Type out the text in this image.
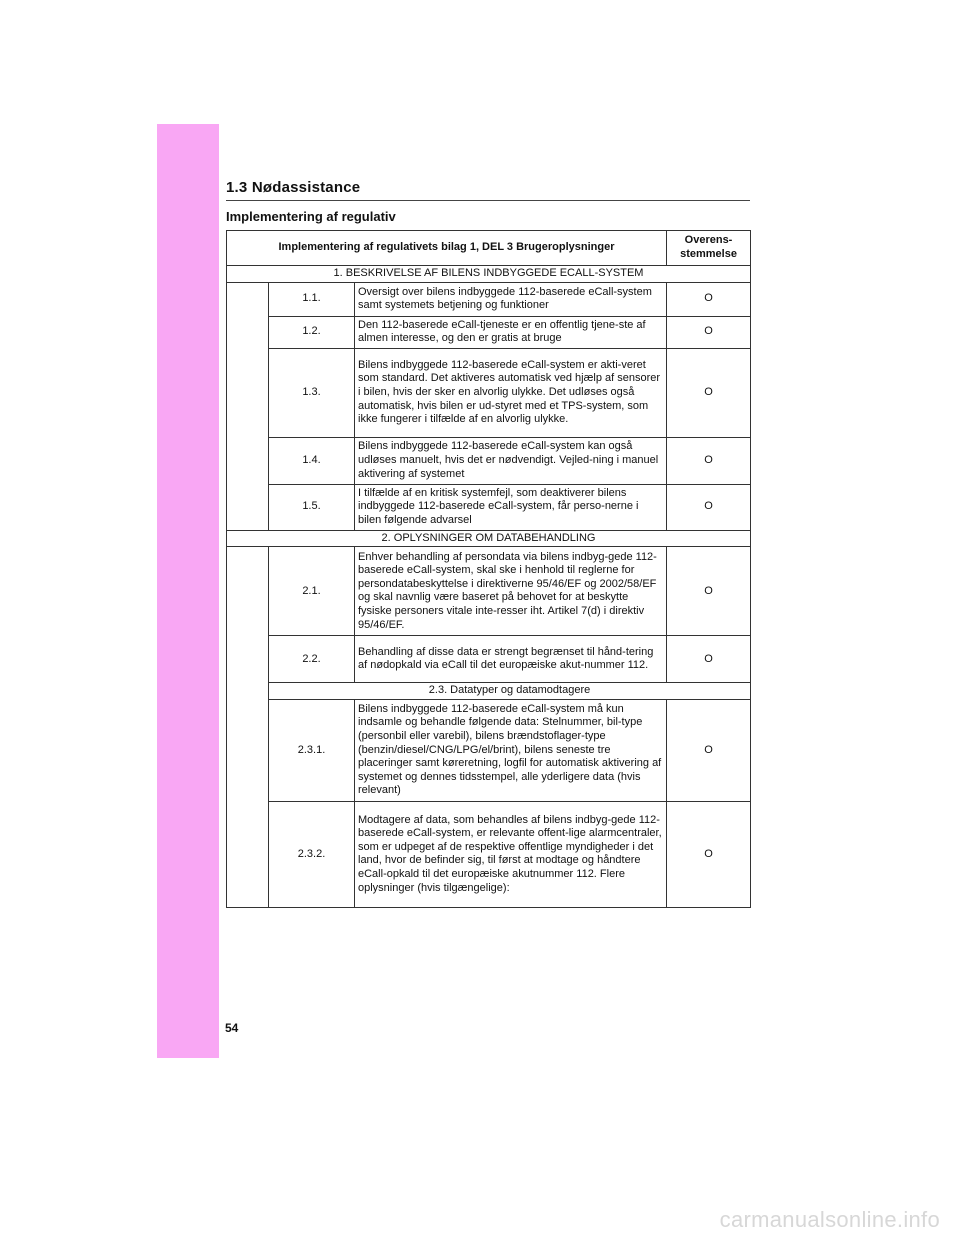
1.3 Nødassistance
Implementering af regulativ
Implementering af regulativets bilag 1, DEL 3 Brugeroplysninger			Overens-
stemmelse
1. BESKRIVELSE AF BILENS INDBYGGEDE ECALL-SYSTEM			
	1.1.	Oversigt over bilens indbyggede 112-baserede eCall-system samt systemets betjening og funktioner	O
	1.2.	Den 112-baserede eCall-tjeneste er en offentlig tjene-ste af almen interesse, og den er gratis at bruge	O
	1.3.	Bilens indbyggede 112-baserede eCall-system er akti-veret som standard. Det aktiveres automatisk ved hjælp af sensorer i bilen, hvis der sker en alvorlig ulykke. Det udløses også automatisk, hvis bilen er ud-styret med et TPS-system, som ikke fungerer i tilfælde af en alvorlig ulykke.	O
	1.4.	Bilens indbyggede 112-baserede eCall-system kan også udløses manuelt, hvis det er nødvendigt. Vejled-ning i manuel aktivering af systemet	O
	1.5.	I tilfælde af en kritisk systemfejl, som deaktiverer bilens indbyggede 112-baserede eCall-system, får perso-nerne i bilen følgende advarsel	O
2. OPLYSNINGER OM DATABEHANDLING			
	2.1.	Enhver behandling af persondata via bilens indbyg-gede 112-baserede eCall-system, skal ske i henhold til reglerne for persondatabeskyttelse i direktiverne 95/46/EF og 2002/58/EF og skal navnlig være baseret på behovet for at beskytte fysiske personers vitale inte-resser iht. Artikel 7(d) i direktiv 95/46/EF.	O
	2.2.	Behandling af disse data er strengt begrænset til hånd-tering af nødopkald via eCall til det europæiske akut-nummer 112.	O
	2.3. Datatyper og datamodtagere		
	2.3.1.	Bilens indbyggede 112-baserede eCall-system må kun indsamle og behandle følgende data: Stelnummer, bil-type (personbil eller varebil), bilens brændstoflager-type (benzin/diesel/CNG/LPG/el/brint), bilens seneste tre placeringer samt køreretning, logfil for automatisk aktivering af systemet og dennes tidsstempel, alle yderligere data (hvis relevant)	O
	2.3.2.	Modtagere af data, som behandles af bilens indbyg-gede 112-baserede eCall-system, er relevante offent-lige alarmcentraler, som er udpeget af de respektive offentlige myndigheder i det land, hvor de befinder sig, til først at modtage og håndtere eCall-opkald til det europæiske akutnummer 112. Flere oplysninger (hvis tilgængelige):	O
54
carmanualsonline.info
